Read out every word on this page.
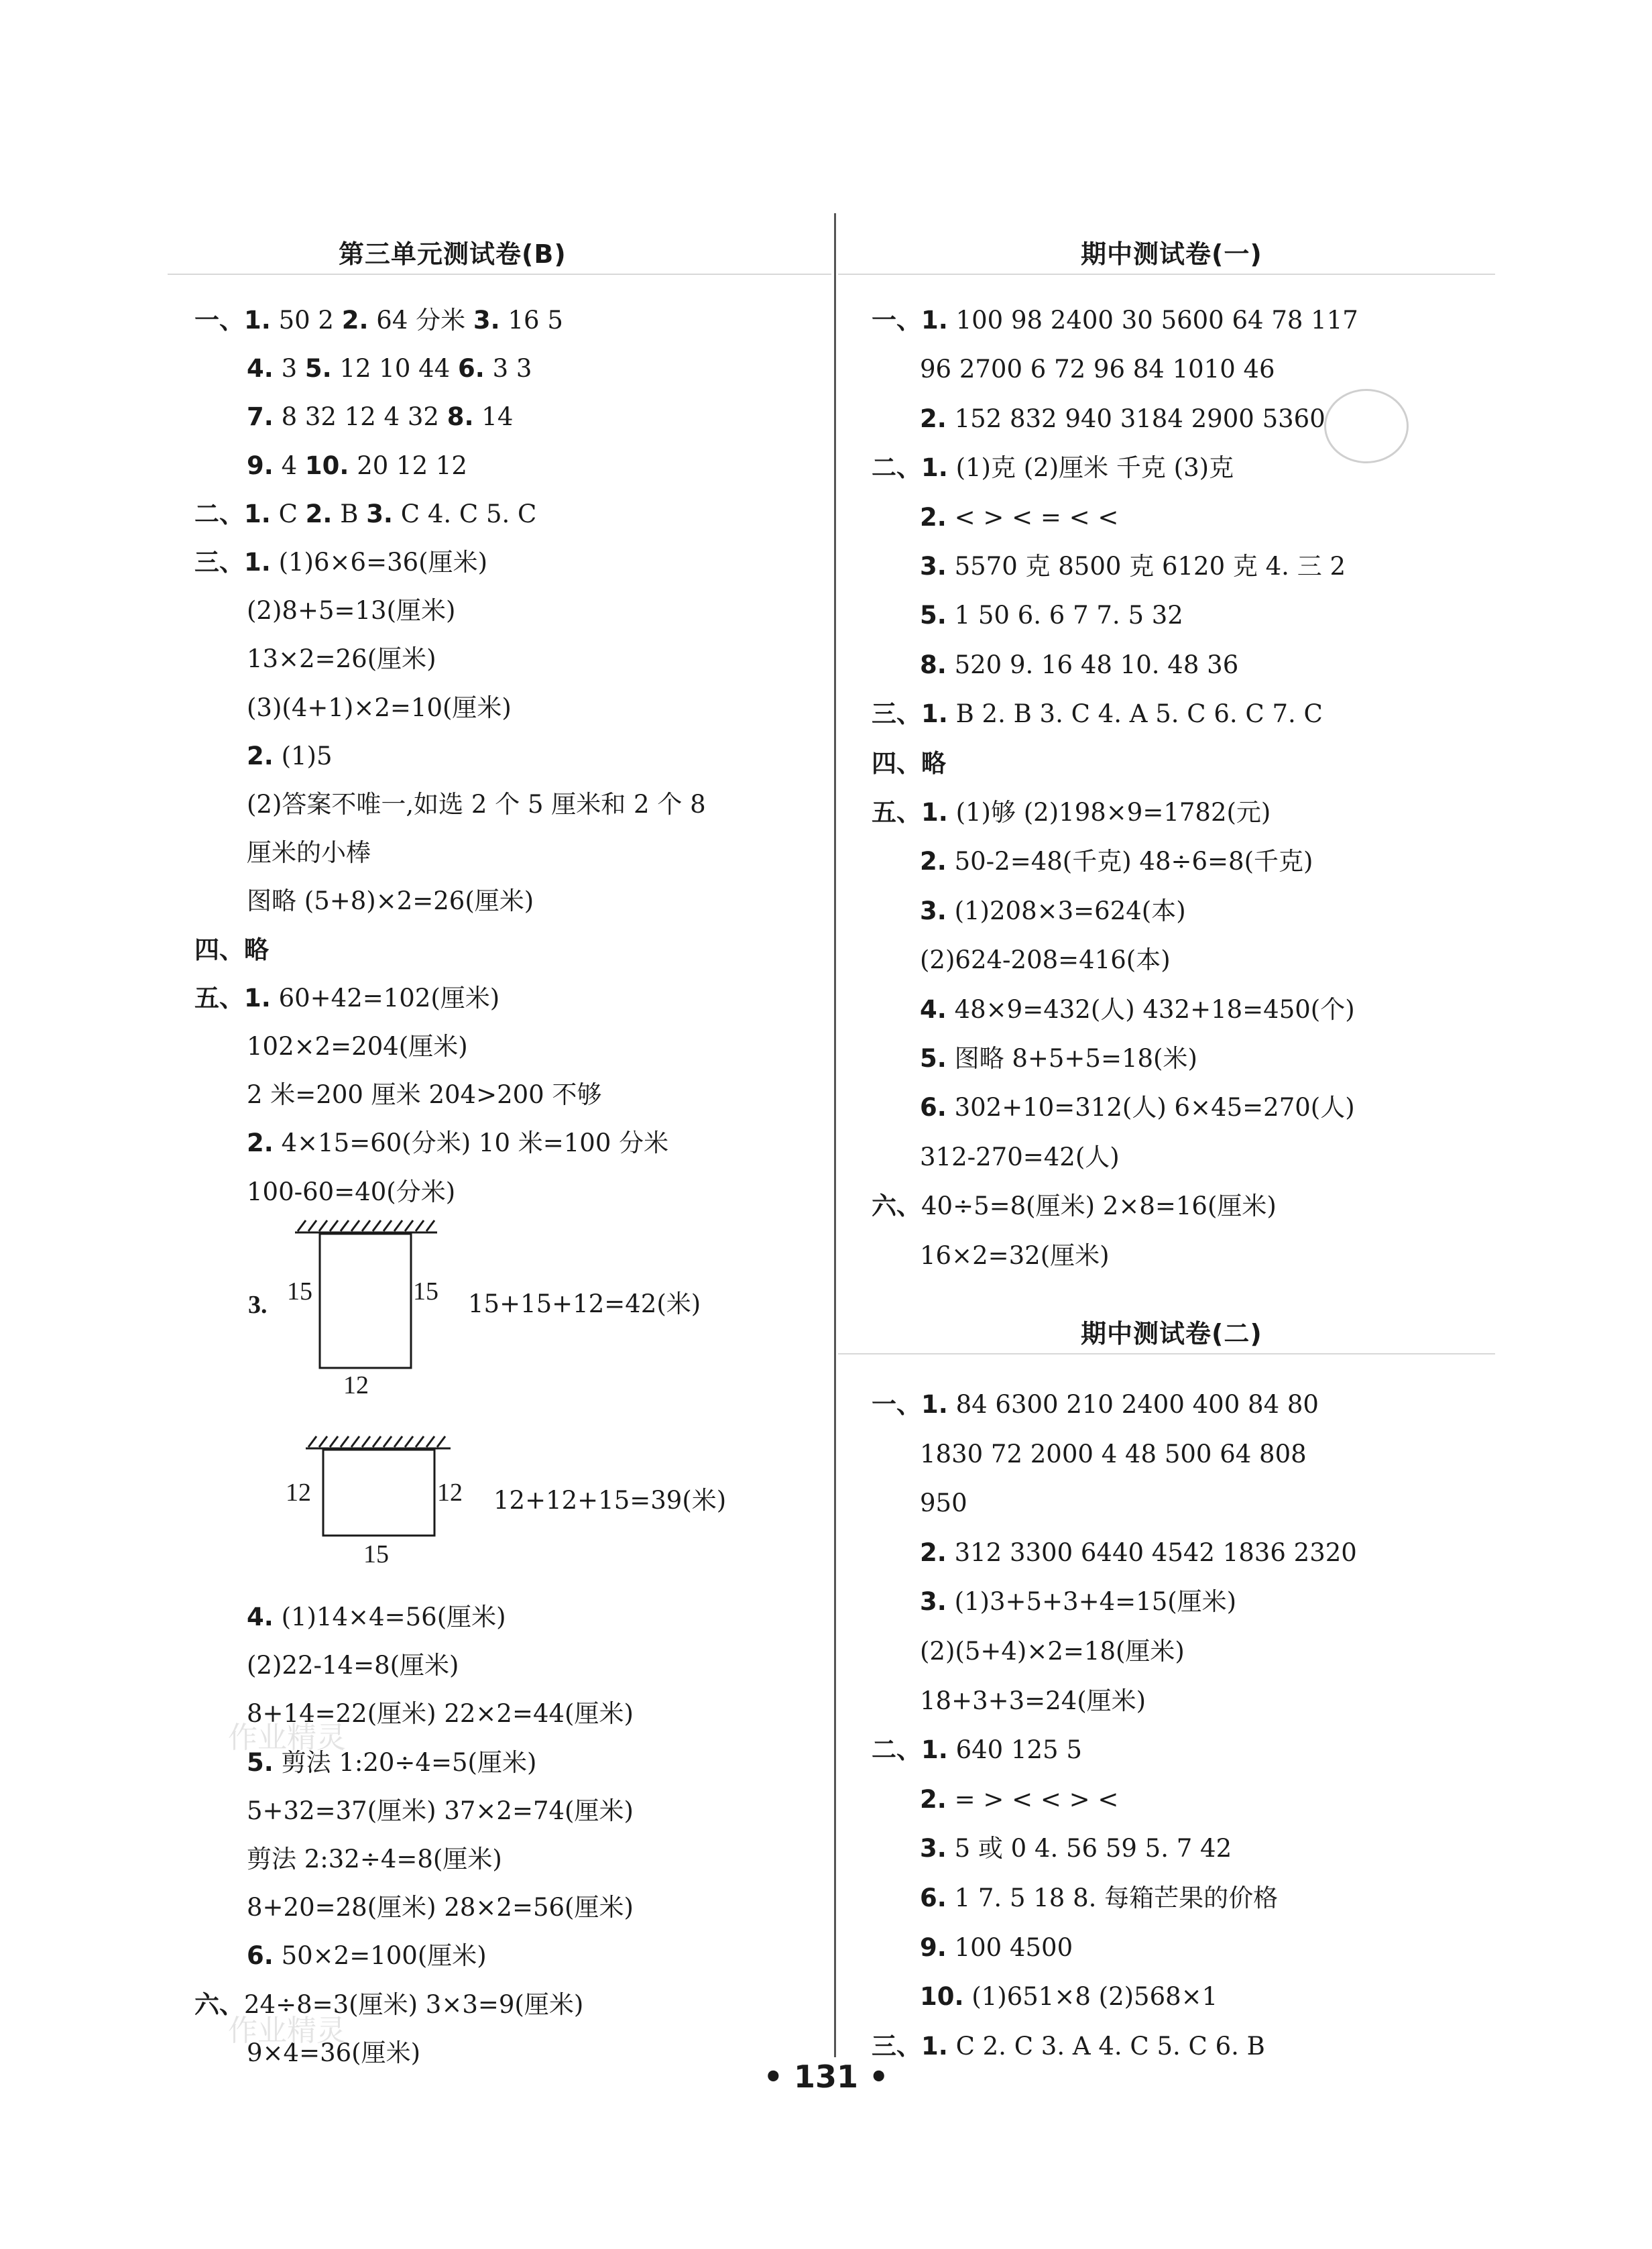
第三单元测试卷(B)	期中测试卷(一)
一、1. 50 2 2. 64 分米 3. 16 5
4. 3 5. 12 10 44 6. 3 3
7. 8 32 12 4 32 8. 14
9. 4 10. 20 12 12
二、1. C 2. B 3. C 4. C 5. C
三、1. (1)6×6=36(厘米)
(2)8+5=13(厘米)
13×2=26(厘米)
(3)(4+1)×2=10(厘米)
2. (1)5
(2)答案不唯一,如选 2 个 5 厘米和 2 个 8
厘米的小棒
图略 (5+8)×2=26(厘米)
四、略
五、1. 60+42=102(厘米)
102×2=204(厘米)
2 米=200 厘米 204>200 不够
2. 4×15=60(分米) 10 米=100 分米
100-60=40(分米)
3. 15	15
12
15+15+12=42(米)
12	12
15
12+12+15=39(米)
4. (1)14×4=56(厘米)
(2)22-14=8(厘米)
8+14=22(厘米) 22×2=44(厘米)
5. 剪法 1:20÷4=5(厘米)
5+32=37(厘米) 37×2=74(厘米)
剪法 2:32÷4=8(厘米)
8+20=28(厘米) 28×2=56(厘米)
6. 50×2=100(厘米)
六、24÷8=3(厘米) 3×3=9(厘米)
9×4=36(厘米)
一、1. 100 98 2400 30 5600 64 78 117
96 2700 6 72 96 84 1010 46
2. 152 832 940 3184 2900 5360
二、1. (1)克 (2)厘米 千克 (3)克
2. < > < = < <
3. 5570 克 8500 克 6120 克 4. 三 2
5. 1 50 6. 6 7 7. 5 32
8. 520 9. 16 48 10. 48 36
三、1. B 2. B 3. C 4. A 5. C 6. C 7. C
四、略
五、1. (1)够 (2)198×9=1782(元)
2. 50-2=48(千克) 48÷6=8(千克)
3. (1)208×3=624(本)
(2)624-208=416(本)
4. 48×9=432(人) 432+18=450(个)
5. 图略 8+5+5=18(米)
6. 302+10=312(人) 6×45=270(人)
312-270=42(人)
六、40÷5=8(厘米) 2×8=16(厘米)
16×2=32(厘米)
期中测试卷(二)
一、1. 84 6300 210 2400 400 84 80
1830 72 2000 4 48 500 64 808
950
2. 312 3300 6440 4542 1836 2320
3. (1)3+5+3+4=15(厘米)
(2)(5+4)×2=18(厘米)
18+3+3=24(厘米)
二、1. 640 125 5
2. = > < < > <
3. 5 或 0 4. 56 59 5. 7 42
6. 1 7. 5 18 8. 每箱芒果的价格
9. 100 4500
10. (1)651×8 (2)568×1
三、1. C 2. C 3. A 4. C 5. C 6. B
作业精灵
作业精灵
• 131 •
